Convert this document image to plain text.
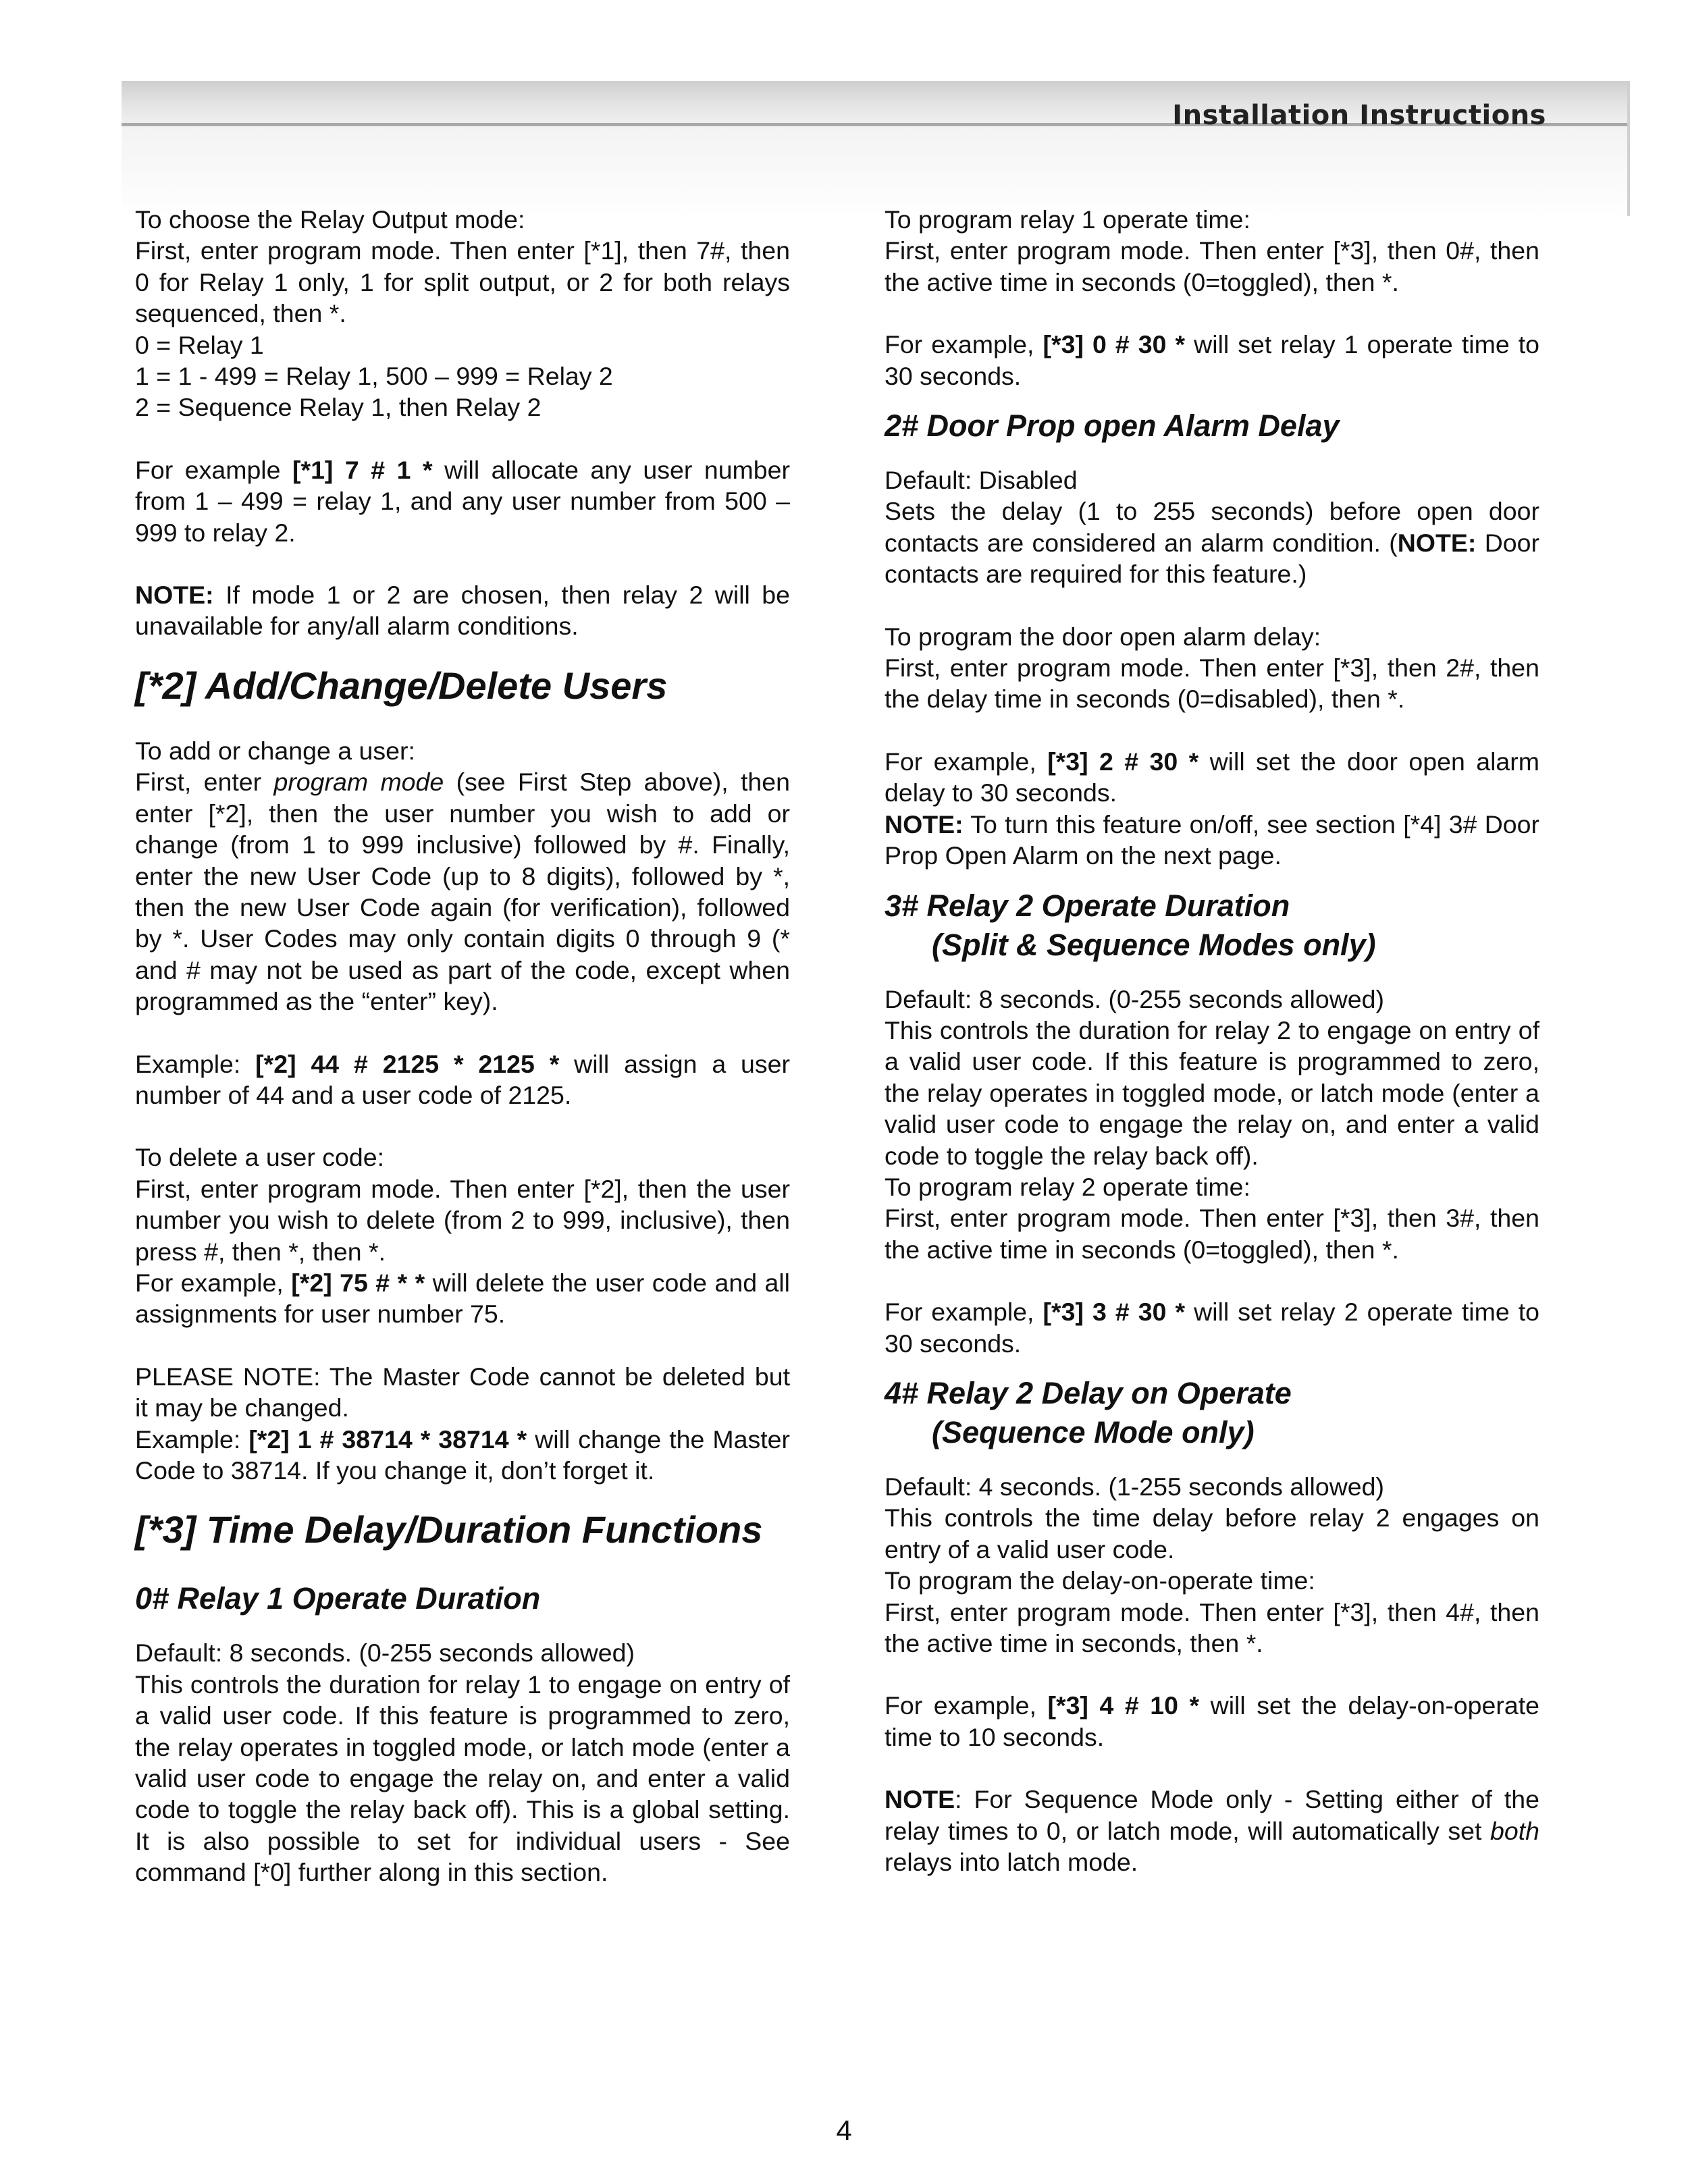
Installation Instructions

To choose the Relay Output mode:

First, enter program mode. Then enter [*1], then 7#, then 0 for Relay 1 only, 1 for split output, or 2 for both relays sequenced, then *.

0 = Relay 1

1 = 1 - 499 = Relay 1, 500 – 999 = Relay 2

2 = Sequence Relay 1, then Relay 2

For example [*1] 7 # 1 * will allocate any user number from 1 – 499 = relay 1, and any user number from 500 – 999 to relay 2.

NOTE: If mode 1 or 2 are chosen, then relay 2 will be unavailable for any/all alarm conditions.

[*2] Add/Change/Delete Users

To add or change a user:

First, enter program mode (see First Step above), then enter [*2], then the user number you wish to add or change (from 1 to 999 inclusive) followed by #. Finally, enter the new User Code (up to 8 digits), followed by *, then the new User Code again (for verification), followed by *. User Codes may only contain digits 0 through 9 (* and # may not be used as part of the code, except when programmed as the “enter” key).

Example: [*2] 44 # 2125 * 2125 * will assign a user number of 44 and a user code of 2125.

To delete a user code:

First, enter program mode. Then enter [*2], then the user number you wish to delete (from 2 to 999, inclusive), then press #, then *, then *.

For example, [*2] 75 # * * will delete the user code and all assignments for user number 75.

PLEASE NOTE: The Master Code cannot be deleted but it may be changed.

Example: [*2] 1 # 38714 * 38714 * will change the Master Code to 38714. If you change it, don’t forget it.

[*3] Time Delay/Duration Functions
0# Relay 1 Operate Duration

Default: 8 seconds. (0-255 seconds allowed)

This controls the duration for relay 1 to engage on entry of a valid user code. If this feature is programmed to zero, the relay operates in toggled mode, or latch mode (enter a valid user code to engage the relay on, and enter a valid code to toggle the relay back off). This is a global setting. It is also possible to set for individual users - See command [*0] further along in this section.

To program relay 1 operate time:

First, enter program mode. Then enter [*3], then 0#, then the active time in seconds (0=toggled), then *.

For example, [*3] 0 # 30 * will set relay 1 operate time to 30 seconds.

2# Door Prop open Alarm Delay

Default: Disabled

Sets the delay (1 to 255 seconds) before open door contacts are considered an alarm condition. (NOTE: Door contacts are required for this feature.)

To program the door open alarm delay:

First, enter program mode. Then enter [*3], then 2#, then the delay time in seconds (0=disabled), then *.

For example, [*3] 2 # 30 * will set the door open alarm delay to 30 seconds.

NOTE: To turn this feature on/off, see section [*4] 3# Door Prop Open Alarm on the next page.

3# Relay 2 Operate Duration
(Split & Sequence Modes only)

Default: 8 seconds. (0-255 seconds allowed)

This controls the duration for relay 2 to engage on entry of a valid user code. If this feature is programmed to zero, the relay operates in toggled mode, or latch mode (enter a valid user code to engage the relay on, and enter a valid code to toggle the relay back off).

To program relay 2 operate time:

First, enter program mode. Then enter [*3], then 3#, then the active time in seconds (0=toggled), then *.

For example, [*3] 3 # 30 * will set relay 2 operate time to 30 seconds.

4# Relay 2 Delay on Operate
(Sequence Mode only)

Default: 4 seconds. (1-255 seconds allowed)

This controls the time delay before relay 2 engages on entry of a valid user code.

To program the delay-on-operate time:

First, enter program mode. Then enter [*3], then 4#, then the active time in seconds, then *.

For example, [*3] 4 # 10 * will set the delay-on-operate time to 10 seconds.

NOTE: For Sequence Mode only - Setting either of the relay times to 0, or latch mode, will automatically set both relays into latch mode.

4
